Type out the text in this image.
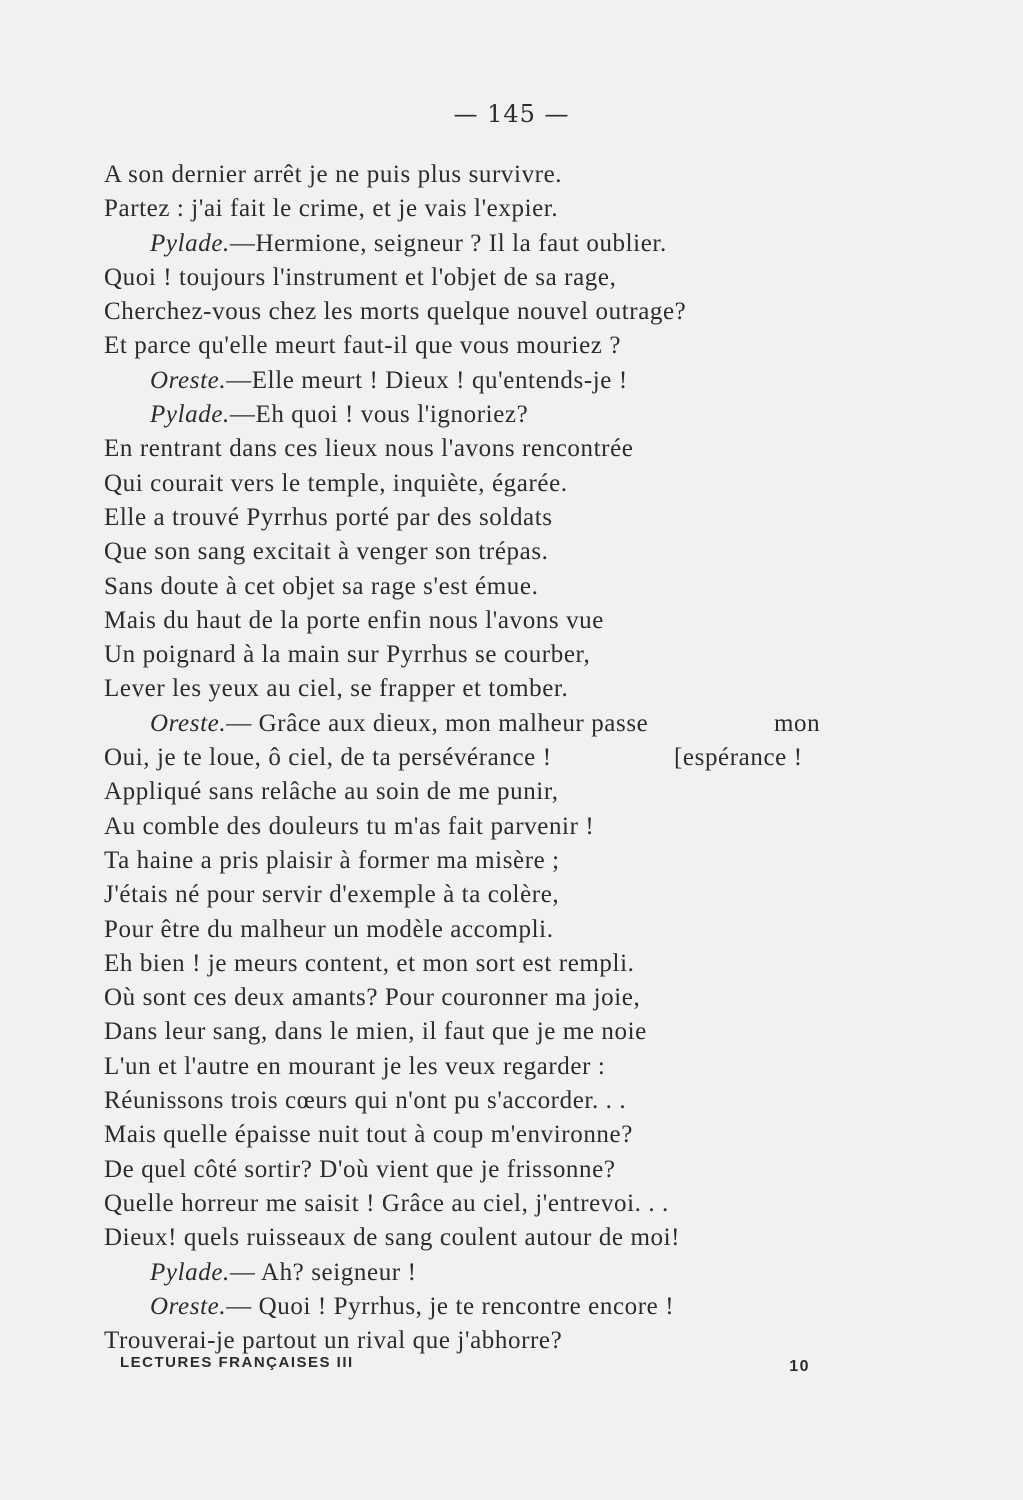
— 145 —
A son dernier arrêt je ne puis plus survivre.
Partez : j'ai fait le crime, et je vais l'expier.
Pylade.—Hermione, seigneur ? Il la faut oublier.
Quoi ! toujours l'instrument et l'objet de sa rage,
Cherchez-vous chez les morts quelque nouvel outrage?
Et parce qu'elle meurt faut-il que vous mouriez ?
Oreste.—Elle meurt ! Dieux ! qu'entends-je !
Pylade.—Eh quoi ! vous l'ignoriez?
En rentrant dans ces lieux nous l'avons rencontrée
Qui courait vers le temple, inquiète, égarée.
Elle a trouvé Pyrrhus porté par des soldats
Que son sang excitait à venger son trépas.
Sans doute à cet objet sa rage s'est émue.
Mais du haut de la porte enfin nous l'avons vue
Un poignard à la main sur Pyrrhus se courber,
Lever les yeux au ciel, se frapper et tomber.
Oreste.— Grâce aux dieux, mon malheur passe	mon
Oui, je te loue, ô ciel, de ta persévérance !	[espérance !
Appliqué sans relâche au soin de me punir,
Au comble des douleurs tu m'as fait parvenir !
Ta haine a pris plaisir à former ma misère ;
J'étais né pour servir d'exemple à ta colère,
Pour être du malheur un modèle accompli.
Eh bien ! je meurs content, et mon sort est rempli.
Où sont ces deux amants? Pour couronner ma joie,
Dans leur sang, dans le mien, il faut que je me noie
L'un et l'autre en mourant je les veux regarder :
Réunissons trois cœurs qui n'ont pu s'accorder. . .
Mais quelle épaisse nuit tout à coup m'environne?
De quel côté sortir? D'où vient que je frissonne?
Quelle horreur me saisit ! Grâce au ciel, j'entrevoi. . .
Dieux! quels ruisseaux de sang coulent autour de moi!
Pylade.— Ah? seigneur !
Oreste.— Quoi ! Pyrrhus, je te rencontre encore !
Trouverai-je partout un rival que j'abhorre?
LECTURES FRANÇAISES III	10
